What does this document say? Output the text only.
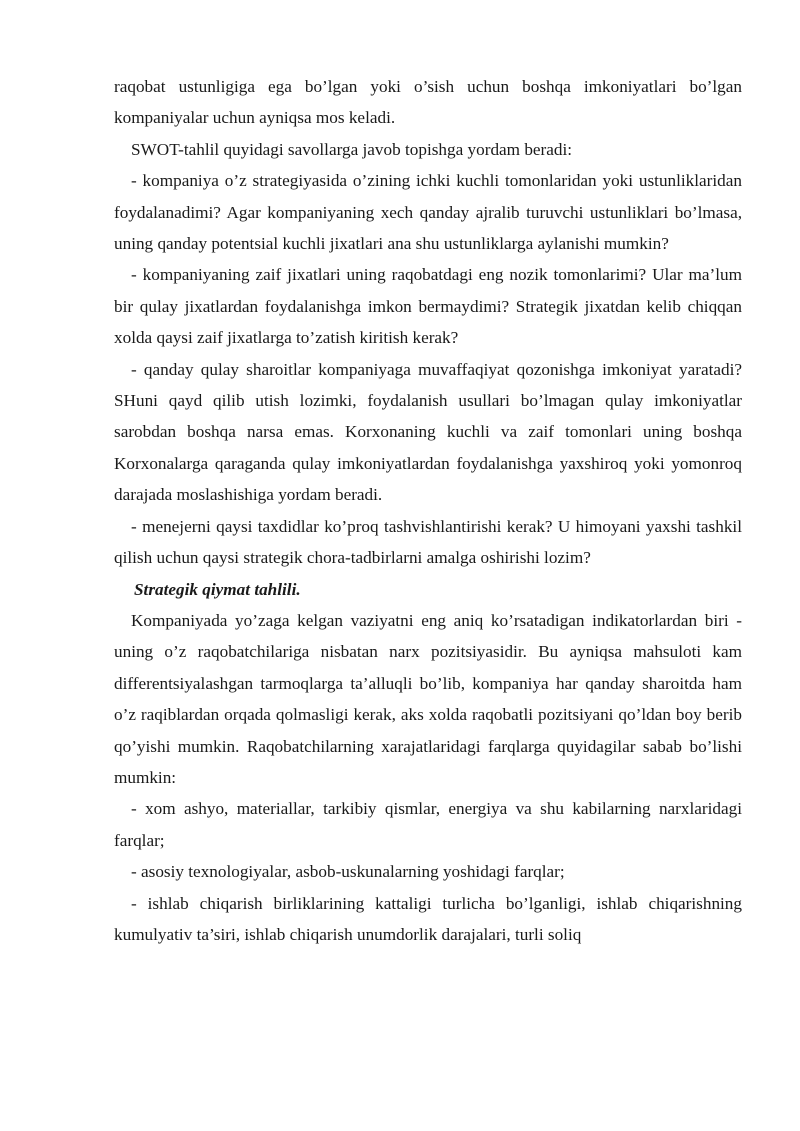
raqobat ustunligiga ega bo’lgan yoki o’sish uchun boshqa imkoniyatlari bo’lgan kompaniyalar uchun ayniqsa mos keladi.

SWOT-tahlil quyidagi savollarga javob topishga yordam beradi:

- kompaniya o’z strategiyasida o’zining ichki kuchli tomonlaridan yoki ustunliklaridan foydalanadimi? Agar kompaniyaning xech qanday ajralib turuvchi ustunliklari bo’lmasa, uning qanday potentsial kuchli jixatlari ana shu ustunliklarga aylanishi mumkin?

- kompaniyaning zaif jixatlari uning raqobatdagi eng nozik tomonlarimi? Ular ma’lum bir qulay jixatlardan foydalanishga imkon bermaydimi? Strategik jixatdan kelib chiqqan xolda qaysi zaif jixatlarga to’zatish kiritish kerak?

- qanday qulay sharoitlar kompaniyaga muvaffaqiyat qozonishga imkoniyat yaratadi? SHuni qayd qilib utish lozimki, foydalanish usullari bo’lmagan qulay imkoniyatlar sarobdan boshqa narsa emas. Korxonaning kuchli va zaif tomonlari uning boshqa Korxonalarga qaraganda qulay imkoniyatlardan foydalanishga yaxshiroq yoki yomonroq darajada moslashishiga yordam beradi.

- menejerni qaysi taxdidlar ko’proq tashvishlantirishi kerak? U himoyani yaxshi tashkil qilish uchun qaysi strategik chora-tadbirlarni amalga oshirishi lozim?

Strategik qiymat tahlili.

Kompaniyada yo’zaga kelgan vaziyatni eng aniq ko’rsatadigan indikatorlardan biri - uning o’z raqobatchilariga nisbatan narx pozitsiyasidir. Bu ayniqsa mahsuloti kam differentsiyalashgan tarmoqlarga ta’alluqli bo’lib, kompaniya har qanday sharoitda ham o’z raqiblardan orqada qolmasligi kerak, aks xolda raqobatli pozitsiyani qo’ldan boy berib qo’yishi mumkin. Raqobatchilarning xarajatlaridagi farqlarga quyidagilar sabab bo’lishi mumkin:

- xom ashyo, materiallar, tarkibiy qismlar, energiya va shu kabilarning narxlaridagi farqlar;

- asosiy texnologiyalar, asbob-uskunalarning yoshidagi farqlar;

- ishlab chiqarish birliklarining kattaligi turlicha bo’lganligi, ishlab chiqarishning kumulyativ ta’siri, ishlab chiqarish unumdorlik darajalari, turli soliq
